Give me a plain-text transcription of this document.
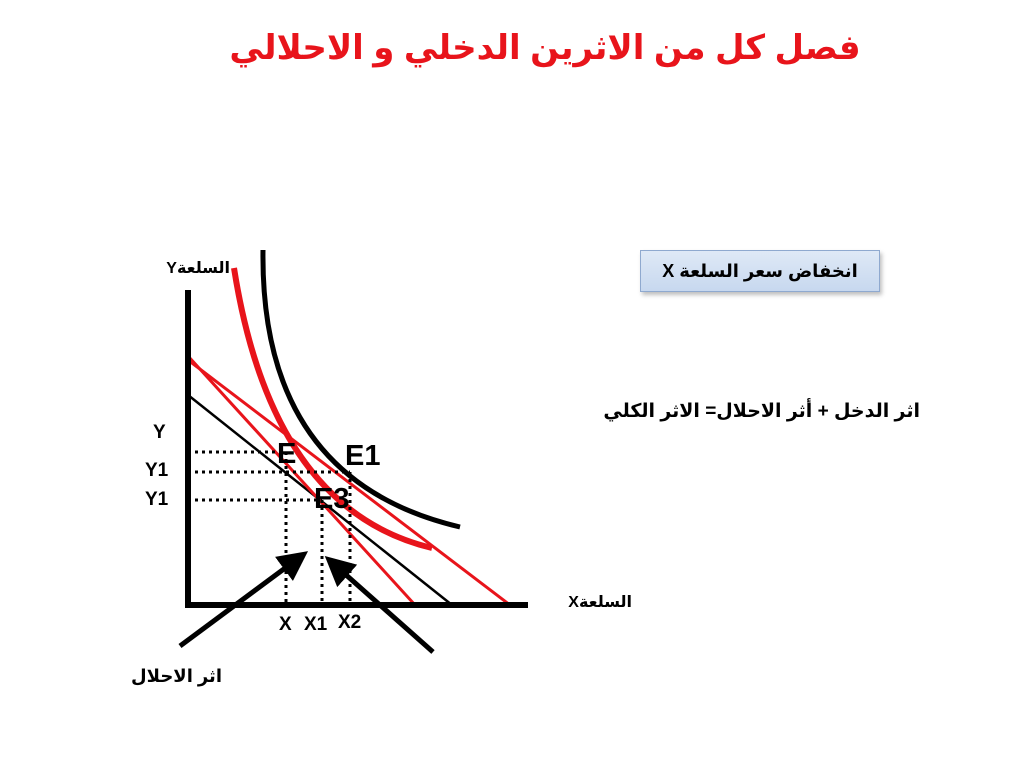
فصل كل من الاثرين الدخلي و الاحلالي
انخفاض سعر السلعة X
اثر الدخل + أثر الاحلال= الاثر الكلي
السلعةY
السلعةX
Y
Y1
Y1
X X1 X2
E E1
E3
اثر الاحلال
